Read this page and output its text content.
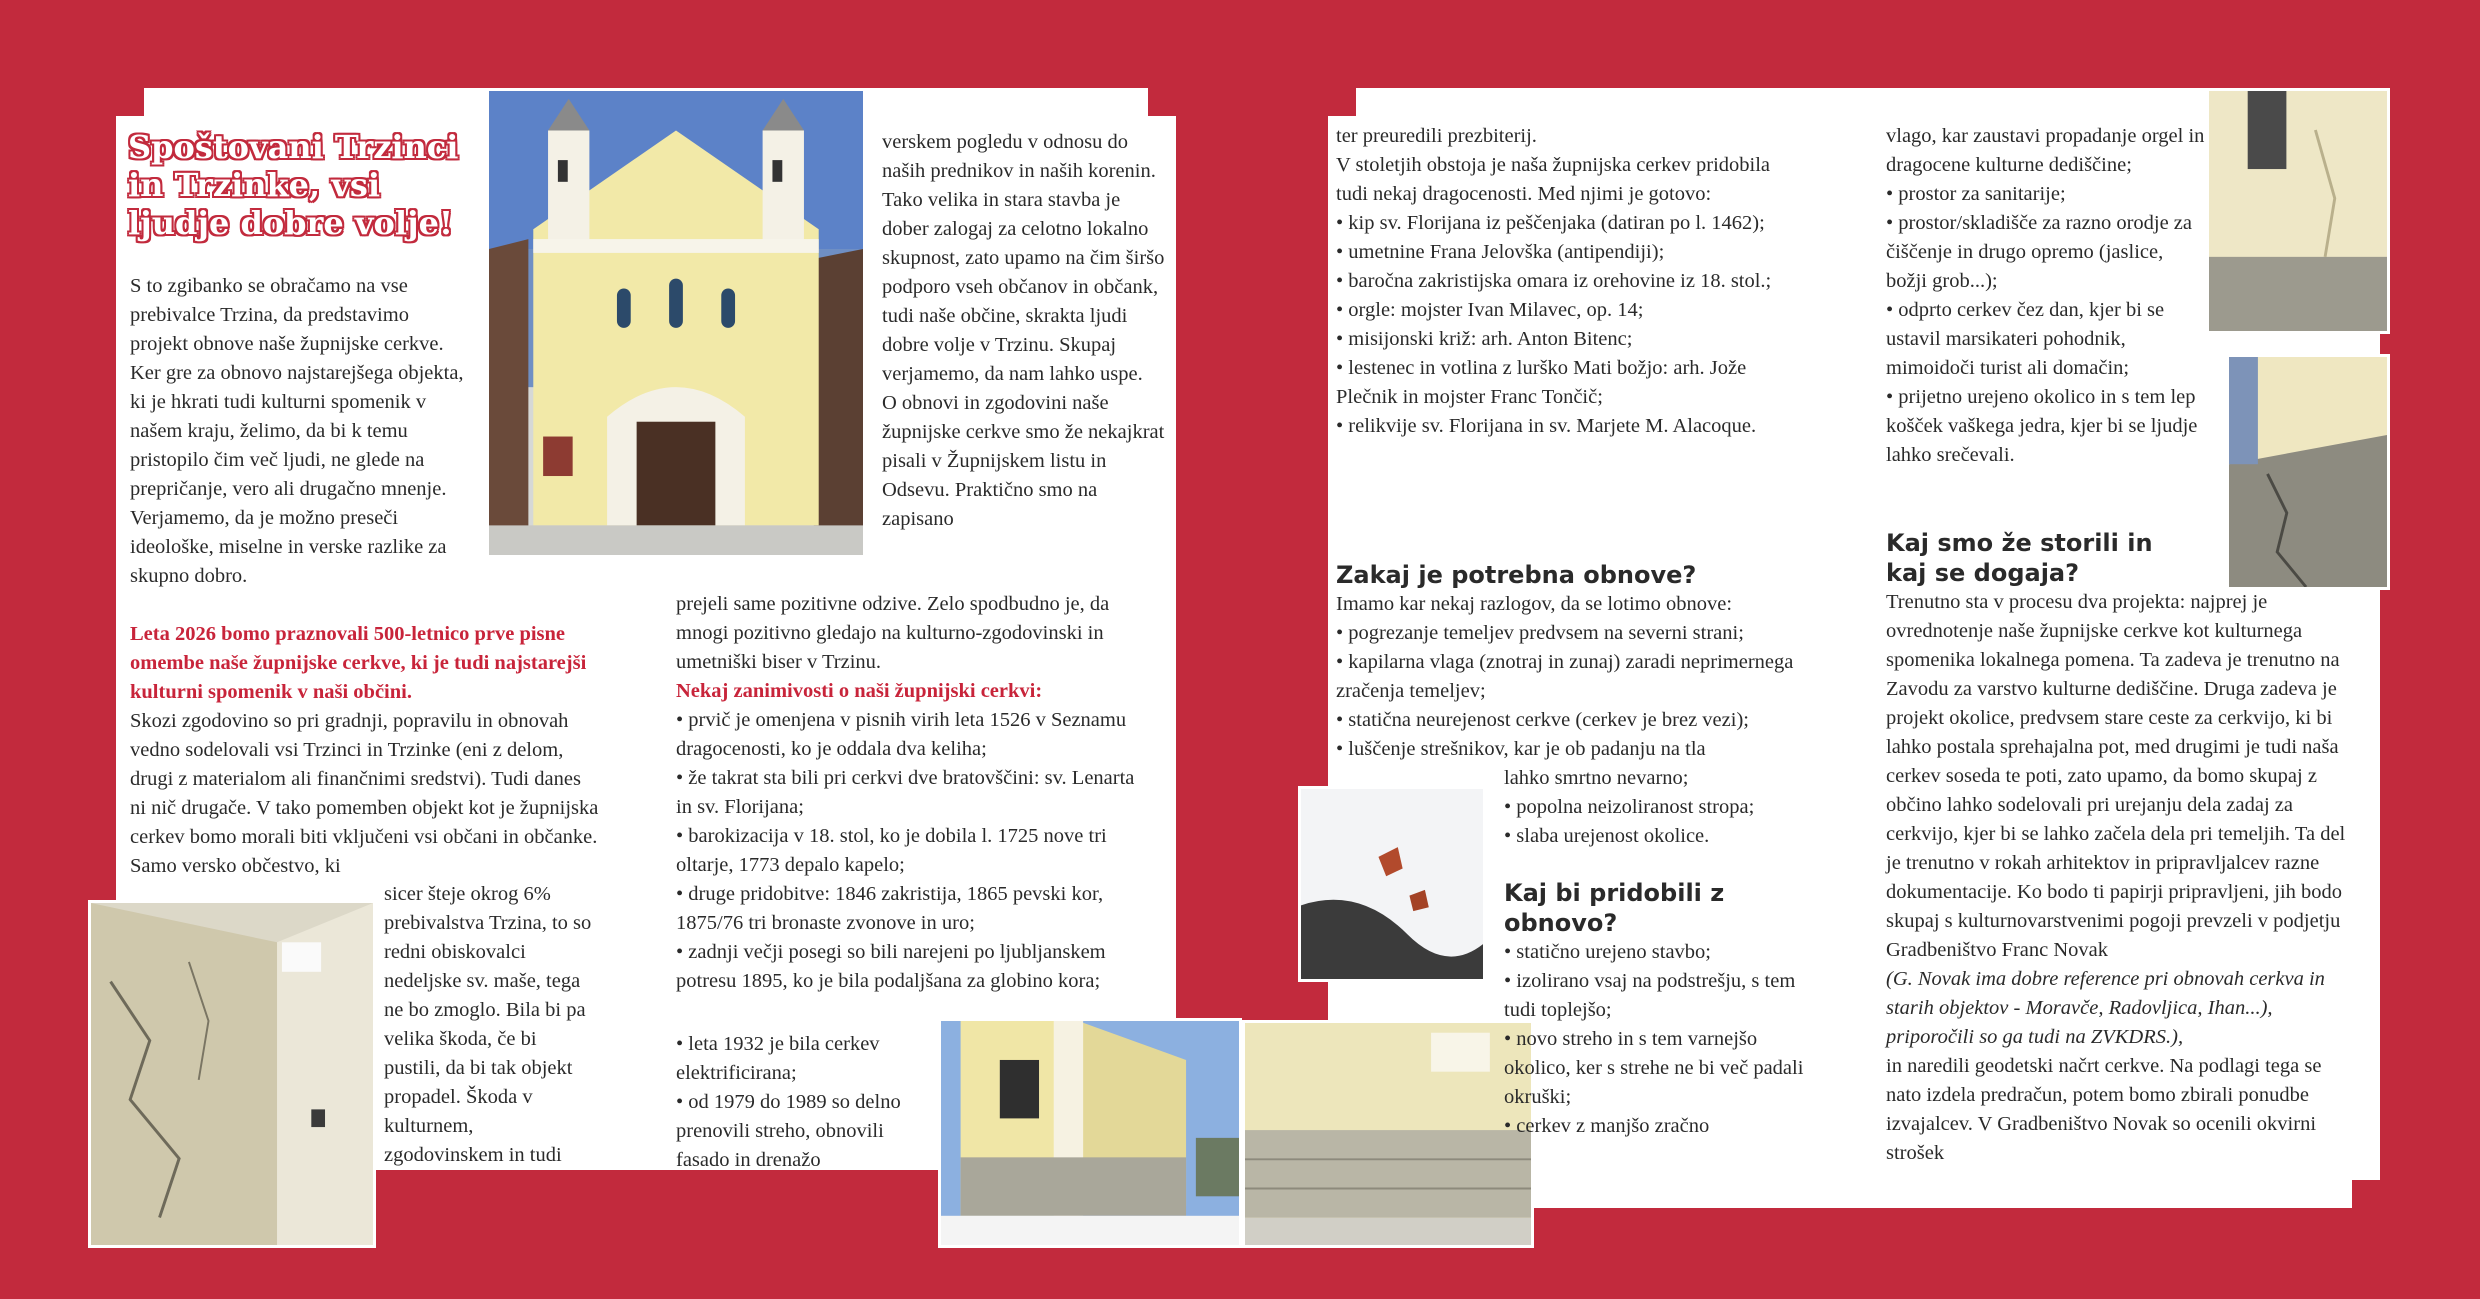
Spoštovani Trzinci in Trzinke, vsi ljudje dobre volje!

S to zgibanko se obračamo na vse prebivalce Trzina, da predstavimo projekt obnove naše župnijske cerkve. Ker gre za obnovo najstarejšega objekta, ki je hkrati tudi kulturni spomenik v našem kraju, želimo, da bi k temu pristopilo čim več ljudi, ne glede na prepričanje, vero ali drugačno mnenje. Verjamemo, da je možno preseči ideološke, miselne in verske razlike za skupno dobro.

Leta 2026 bomo praznovali 500-letnico prve pisne omembe naše župnijske cerkve, ki je tudi najstarejši kulturni spomenik v naši občini.

Skozi zgodovino so pri gradnji, popravilu in obnovah vedno sodelovali vsi Trzinci in Trzinke (eni z delom, drugi z materialom ali finančnimi sredstvi). Tudi danes ni nič drugače. V tako pomemben objekt kot je župnijska cerkev bomo morali biti vključeni vsi občani in občanke. Samo versko občestvo, ki

sicer šteje okrog 6% prebivalstva Trzina, to so redni obiskovalci nedeljske sv. maše, tega ne bo zmoglo. Bila bi pa velika škoda, če bi pustili, da bi tak objekt propadel. Škoda v kulturnem, zgodovinskem in tudi

verskem pogledu v odnosu do naših prednikov in naših korenin. Tako velika in stara stavba je dober zalogaj za celotno lokalno skupnost, zato upamo na čim širšo podporo vseh občanov in občank, tudi naše občine, skrakta ljudi dobre volje v Trzinu. Skupaj verjamemo, da nam lahko uspe.

O obnovi in zgodovini naše župnijske cerkve smo že nekajkrat pisali v Župnijskem listu in Odsevu. Praktično smo na zapisano

prejeli same pozitivne odzive. Zelo spodbudno je, da mnogi pozitivno gledajo na kulturno-zgodovinski in umetniški biser v Trzinu.

Nekaj zanimivosti o naši župnijski cerkvi:

• prvič je omenjena v pisnih virih leta 1526 v Seznamu dragocenosti, ko je oddala dva keliha;

• že takrat sta bili pri cerkvi dve bratovščini: sv. Lenarta in sv. Florijana;

• barokizacija v 18. stol, ko je dobila l. 1725 nove tri oltarje, 1773 depalo kapelo;

• druge pridobitve: 1846 zakristija, 1865 pevski kor, 1875/76 tri bronaste zvonove in uro;

• zadnji večji posegi so bili narejeni po ljubljanskem potresu 1895, ko je bila podaljšana za globino kora;

• leta 1932 je bila cerkev elektrificirana;

• od 1979 do 1989 so delno prenovili streho, obnovili fasado in drenažo

ter preuredili prezbiterij.

V stoletjih obstoja je naša župnijska cerkev pridobila tudi nekaj dragocenosti. Med njimi je gotovo:

• kip sv. Florijana iz peščenjaka (datiran po l. 1462);

• umetnine Frana Jelovška (antipendiji);

• baročna zakristijska omara iz orehovine iz 18. stol.;

• orgle: mojster Ivan Milavec, op. 14;

• misijonski križ: arh. Anton Bitenc;

• lestenec in votlina z lurško Mati božjo: arh. Jože Plečnik in mojster Franc Tončič;

• relikvije sv. Florijana in sv. Marjete M. Alacoque.

Zakaj je potrebna obnove?

Imamo kar nekaj razlogov, da se lotimo obnove:

• pogrezanje temeljev predvsem na severni strani;

• kapilarna vlaga (znotraj in zunaj) zaradi neprimernega zračenja temeljev;

• statična neurejenost cerkve (cerkev je brez vezi);

• luščenje strešnikov, kar je ob padanju na tla

lahko smrtno nevarno;

• popolna neizoliranost stropa;

• slaba urejenost okolice.

Kaj bi pridobili z obnovo?

• statično urejeno stavbo;

• izolirano vsaj na podstrešju, s tem tudi toplejšo;

• novo streho in s tem varnejšo okolico, ker s strehe ne bi več padali okruški;

• cerkev z manjšo zračno

vlago, kar zaustavi propadanje orgel in dragocene kulturne dediščine;

• prostor za sanitarije;

• prostor/skladišče za razno orodje za čiščenje in drugo opremo (jaslice, božji grob...);

• odprto cerkev čez dan, kjer bi se ustavil marsikateri pohodnik, mimoidoči turist ali domačin;

• prijetno urejeno okolico in s tem lep košček vaškega jedra, kjer bi se ljudje lahko srečevali.

Kaj smo že storili in kaj se dogaja?

Trenutno sta v procesu dva projekta: najprej je ovrednotenje naše župnijske cerkve kot kulturnega spomenika lokalnega pomena. Ta zadeva je trenutno na Zavodu za varstvo kulturne dediščine. Druga zadeva je projekt okolice, predvsem stare ceste za cerkvijo, ki bi lahko postala sprehajalna pot, med drugimi je tudi naša cerkev soseda te poti, zato upamo, da bomo skupaj z občino lahko sodelovali pri urejanju dela zadaj za cerkvijo, kjer bi se lahko začela dela pri temeljih. Ta del je trenutno v rokah arhitektov in pripravljalcev razne dokumentacije. Ko bodo ti papirji pripravljeni, jih bodo skupaj s kulturnovarstvenimi pogoji prevzeli v podjetju Gradbeništvo Franc Novak

(G. Novak ima dobre reference pri obnovah cerkva in starih objektov - Moravče, Radovljica, Ihan...), priporočili so ga tudi na ZVKDRS.),

in naredili geodetski načrt cerkve. Na podlagi tega se nato izdela predračun, potem bomo zbirali ponudbe izvajalcev. V Gradbeništvo Novak so ocenili okvirni strošek
